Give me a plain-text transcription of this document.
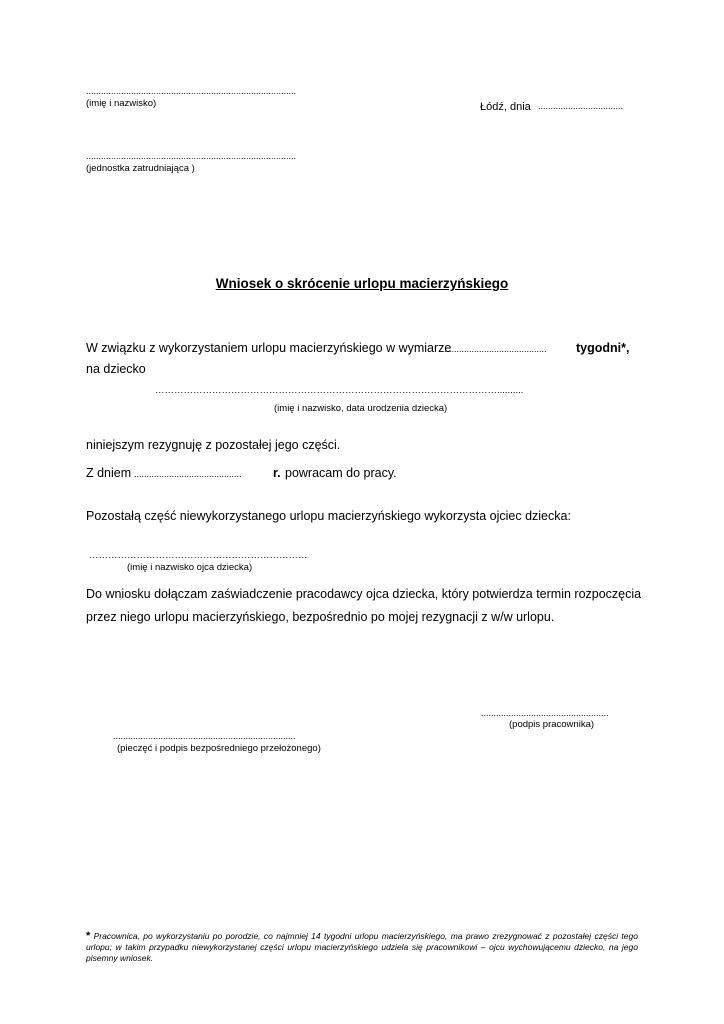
....................................................................................
(imię i nazwisko)	Łódź, dnia ..................................
....................................................................................
(jednostka zatrudniająca )
Wniosek o skrócenie urlopu macierzyńskiego
W związku z wykorzystaniem urlopu macierzyńskiego w wymiarze
......................................... tygodni*,
na dziecko
………………………………………………………………………………………………..........
(imię i nazwisko, data urodzenia dziecka)
niniejszym rezygnuję z pozostałej jego części.
Z dniem ...........................................	r. powracam do pracy.
Pozostałą część niewykorzystanego urlopu macierzyńskiego wykorzysta ojciec dziecka:
……………………………………………………………
(imię i nazwisko ojca dziecka)
Do wniosku dołączam zaświadczenie pracodawcy ojca dziecka, który potwierdza termin rozpoczęcia
przez niego urlopu macierzyńskiego, bezpośrednio po mojej rezygnacji z w/w urlopu.
...................................................
(podpis pracownika)
.........................................................................
(pieczęć i podpis bezpośredniego przełożonego)
* Pracownica, po wykorzystaniu po porodzie, co najmniej 14 tygodni urlopu macierzyńskiego, ma prawo zrezygnować z pozostałej części tego urlopu; w takim przypadku niewykorzystanej części urlopu macierzyńskiego udziela się pracownikowi – ojcu wychowującemu dziecko, na jego pisemny wniosek.
